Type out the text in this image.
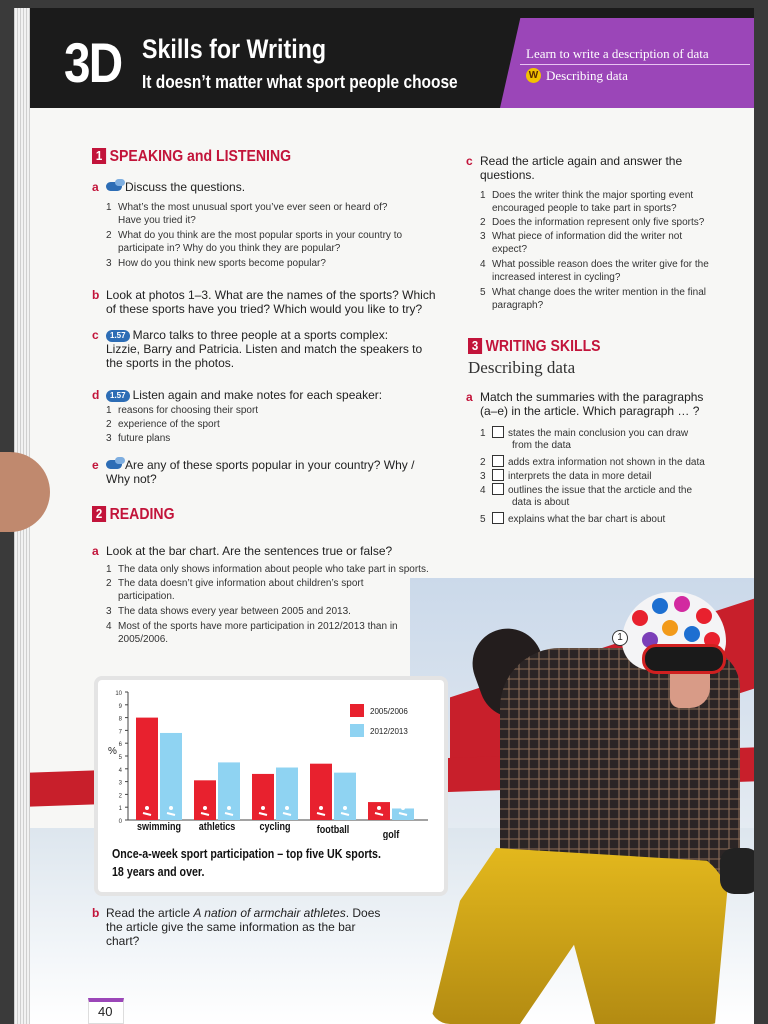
3D Skills for Writing
It doesn’t matter what sport people choose
Learn to write a description of data
W Describing data
1 SPEAKING and LISTENING
a Discuss the questions.
1 What’s the most unusual sport you’ve ever seen or heard of?
Have you tried it?
2 What do you think are the most popular sports in your country to
participate in? Why do you think they are popular?
3 How do you think new sports become popular?
b Look at photos 1–3. What are the names of the sports? Which
of these sports have you tried? Which would you like to try?
c 1.57 Marco talks to three people at a sports complex:
Lizzie, Barry and Patricia. Listen and match the speakers to
the sports in the photos.
d 1.57 Listen again and make notes for each speaker:
1 reasons for choosing their sport
2 experience of the sport
3 future plans
e Are any of these sports popular in your country? Why /
Why not?
2 READING
a Look at the bar chart. Are the sentences true or false?
1 The data only shows information about people who take part in sports.
2 The data doesn’t give information about children’s sport
participation.
3 The data shows every year between 2005 and 2013.
4 Most of the sports have more participation in 2012/2013 than in
2005/2006.
c Read the article again and answer the
questions.
1 Does the writer think the major sporting event
encouraged people to take part in sports?
2 Does the information represent only five sports?
3 What piece of information did the writer not
expect?
4 What possible reason does the writer give for the
increased interest in cycling?
5 What change does the writer mention in the final
paragraph?
3 WRITING SKILLS
Describing data
a Match the summaries with the paragraphs
(a–e) in the article. Which paragraph … ?
1 states the main conclusion you can draw
from the data
2 adds extra information not shown in the data
3 interprets the data in more detail
4 outlines the issue that the arcticle and the
data is about
5 explains what the bar chart is about
1
0
1
2
3
4
5
6
7
8
9
10
%
swimming athletics cycling football	golf
2005/2006
2012/2013
Once-a-week sport participation – top five UK sports.
18 years and over.
b Read the article A nation of armchair athletes. Does
the article give the same information as the bar
chart?
40
